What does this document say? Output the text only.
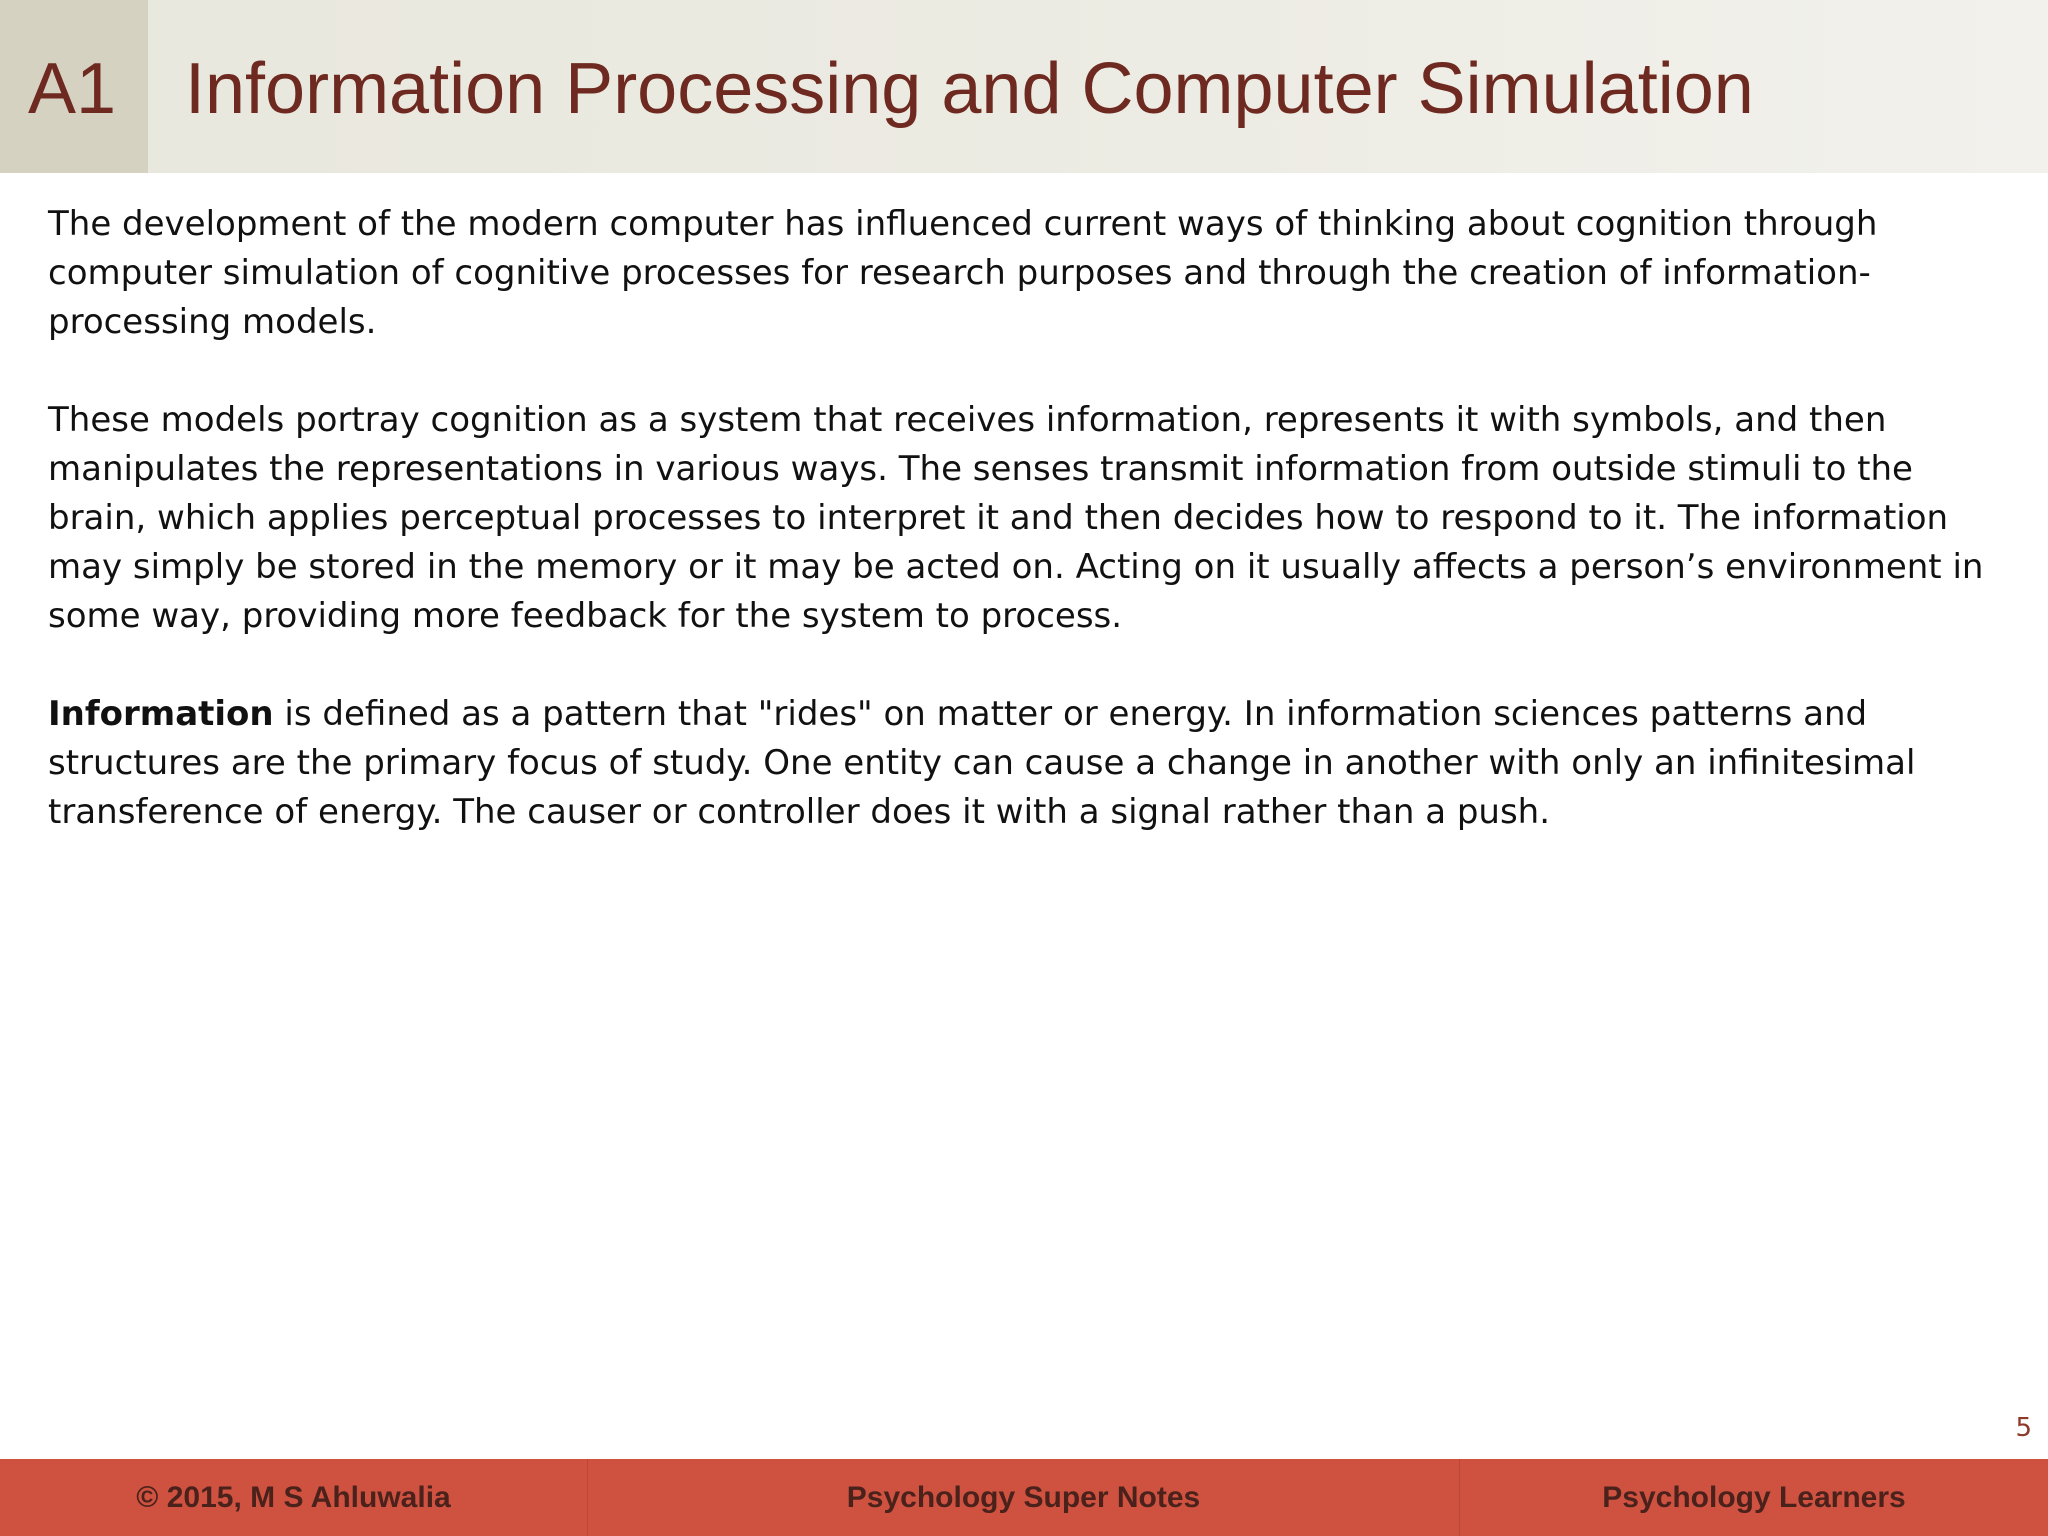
A1 Information Processing and Computer Simulation

The development of the modern computer has influenced current ways of thinking about cognition through computer simulation of cognitive processes for research purposes and through the creation of information-processing models.

These models portray cognition as a system that receives information, represents it with symbols, and then manipulates the representations in various ways. The senses transmit information from outside stimuli to the brain, which applies perceptual processes to interpret it and then decides how to respond to it. The information may simply be stored in the memory or it may be acted on. Acting on it usually affects a person’s environment in some way, providing more feedback for the system to process.

Information is defined as a pattern that "rides" on matter or energy. In information sciences patterns and structures are the primary focus of study. One entity can cause a change in another with only an infinitesimal transference of energy. The causer or controller does it with a signal rather than a push.

5
© 2015, M S Ahluwalia	Psychology Super Notes	Psychology Learners
